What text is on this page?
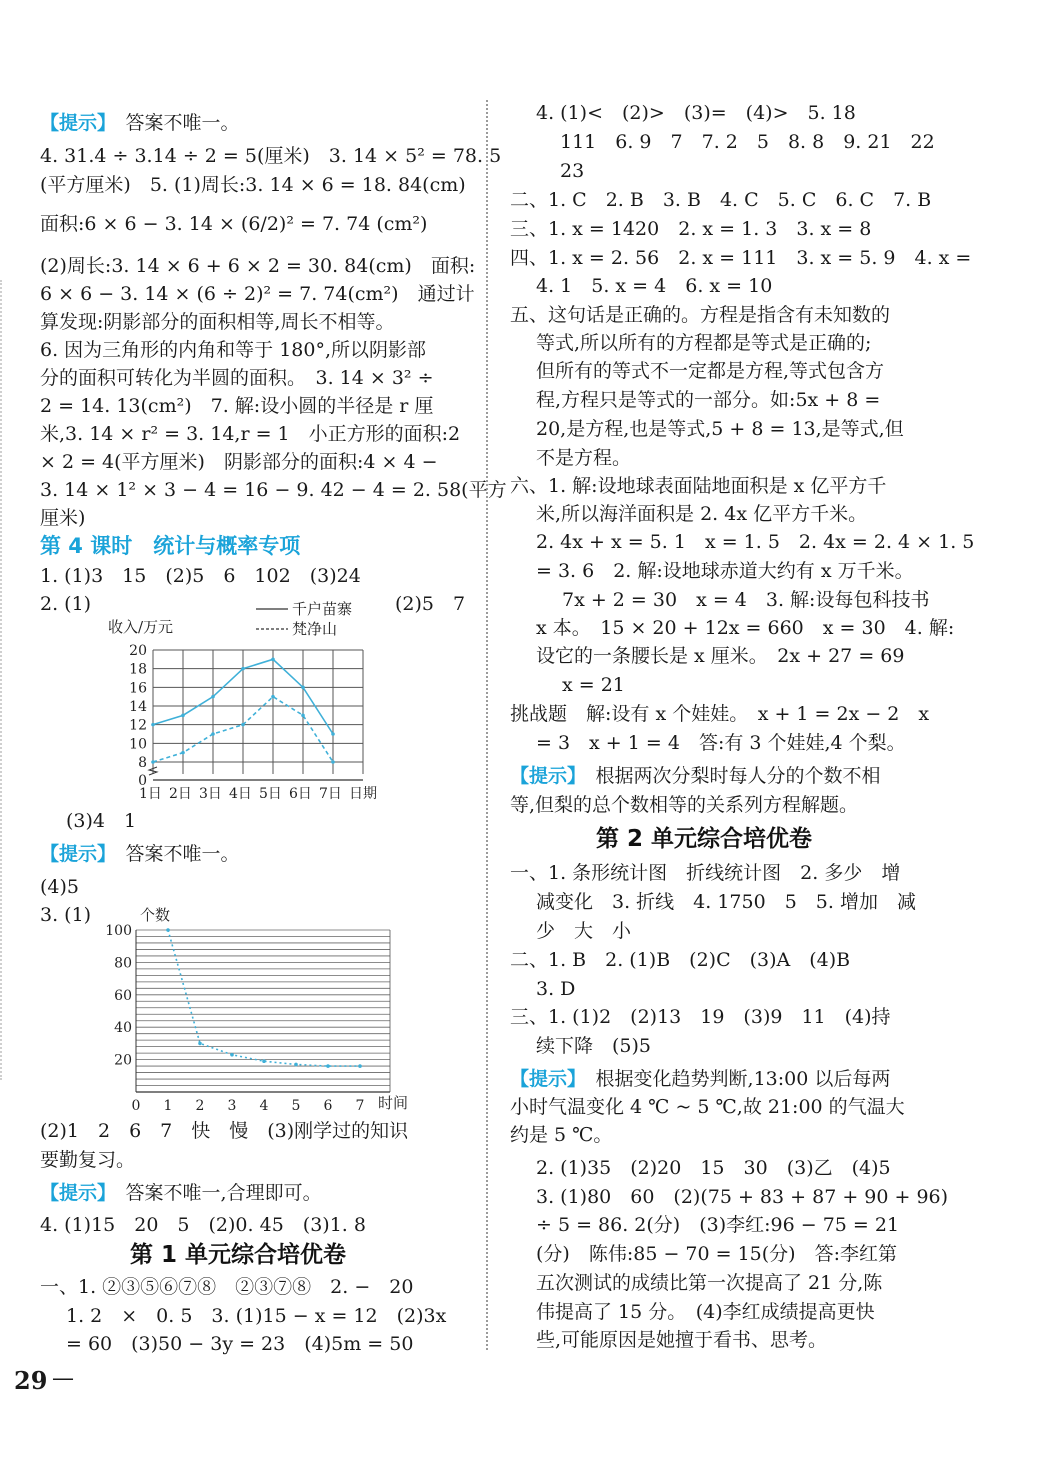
【提示】　 答案不唯一。
4. 31.4 ÷ 3.14 ÷ 2 = 5(厘米)　3. 14 × 5² = 78. 5
(平方厘米)　5. (1)周长:3. 14 × 6 = 18. 84(cm)
面积:6 × 6 − 3. 14 × (6/2)² = 7. 74 (cm²)
(2)周长:3. 14 × 6 + 6 × 2 = 30. 84(cm)　面积:
6 × 6 − 3. 14 × (6 ÷ 2)² = 7. 74(cm²)　通过计
算发现:阴影部分的面积相等,周长不相等。
6. 因为三角形的内角和等于 180°,所以阴影部
分的面积可转化为半圆的面积。　3. 14 × 3² ÷
2 = 14. 13(cm²)　7. 解:设小圆的半径是 r 厘
米,3. 14 × r² = 3. 14,r = 1　小正方形的面积:2
× 2 = 4(平方厘米)　阴影部分的面积:4 × 4 −
3. 14 × 1² × 3 − 4 = 16 − 9. 42 − 4 = 2. 58(平方
厘米)
第 4 课时　统计与概率专项
1. (1)3　15　(2)5　6　102　(3)24
2. (1)	(2)5　7
(3)4　1
【提示】　 答案不唯一。
(4)5
3. (1)
(2)1　2　6　7　快　慢　(3)刚学过的知识
要勤复习。
【提示】　 答案不唯一,合理即可。
4. (1)15　20　5　(2)0. 45　(3)1. 8
第 1 单元综合培优卷
一、1. ②③⑤⑥⑦⑧　②③⑦⑧　2. −　20
1. 2　×　0. 5　3. (1)15 − x = 12　(2)3x
= 60　(3)50 − 3y = 23　(4)5m = 50
收入/万元
千户苗寨
梵净山
0
8
10
12
14
16
18
20
1日 2日 3日 4日 5日 6日 7日 日期
个数
20
40
60
80
100
0 1 2 3 4 5 6 7 时间
4. (1)<　(2)>　(3)=　(4)>　5. 18
111　6. 9　7　7. 2　5　8. 8　9. 21　22
23
二、1. C　2. B　3. B　4. C　5. C　6. C　7. B
三、1. x = 1420　2. x = 1. 3　3. x = 8
四、1. x = 2. 56　2. x = 111　3. x = 5. 9　4. x =
4. 1　5. x = 4　6. x = 10
五、这句话是正确的。方程是指含有未知数的
等式,所以所有的方程都是等式是正确的;
但所有的等式不一定都是方程,等式包含方
程,方程只是等式的一部分。如:5x + 8 =
20,是方程,也是等式,5 + 8 = 13,是等式,但
不是方程。
六、1. 解:设地球表面陆地面积是 x 亿平方千
米,所以海洋面积是 2. 4x 亿平方千米。
2. 4x + x = 5. 1　x = 1. 5　2. 4x = 2. 4 × 1. 5
= 3. 6　2. 解:设地球赤道大约有 x 万千米。
7x + 2 = 30　x = 4　3. 解:设每包科技书
x 本。　15 × 20 + 12x = 660　x = 30　4. 解:
设它的一条腰长是 x 厘米。　2x + 27 = 69
x = 21
挑战题　解:设有 x 个娃娃。　x + 1 = 2x − 2　x
= 3　x + 1 = 4　答:有 3 个娃娃,4 个梨。
【提示】　 根据两次分梨时每人分的个数不相
等,但梨的总个数相等的关系列方程解题。
第 2 单元综合培优卷
一、1. 条形统计图　折线统计图　2. 多少　增
减变化　3. 折线　4. 1750　5　5. 增加　减
少　大　小
二、1. B　2. (1)B　(2)C　(3)A　(4)B
3. D
三、1. (1)2　(2)13　19　(3)9　11　(4)持
续下降　(5)5
【提示】　 根据变化趋势判断,13:00 以后每两
小时气温变化 4 ℃ ~ 5 ℃,故 21:00 的气温大
约是 5 ℃。
2. (1)35　(2)20　15　30　(3)乙　(4)5
3. (1)80　60　(2)(75 + 83 + 87 + 90 + 96)
÷ 5 = 86. 2(分)　(3)李红:96 − 75 = 21
(分)　陈伟:85 − 70 = 15(分)　答:李红第
五次测试的成绩比第一次提高了 21 分,陈
伟提高了 15 分。　(4)李红成绩提高更快
些,可能原因是她擅于看书、思考。
29 —
